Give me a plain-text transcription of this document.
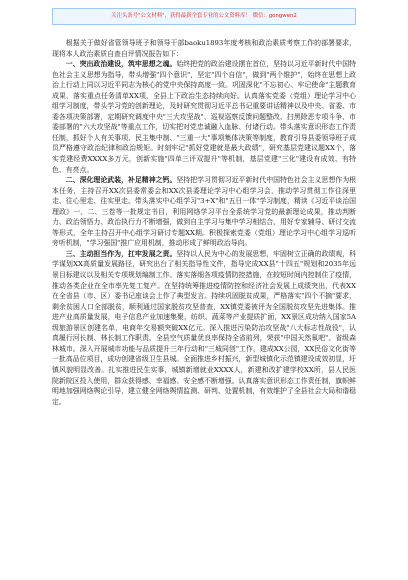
关注头条号"公文材料"，获得最新全套专业的公文资料库！ 微信：gongwen2

根据关于做好省管领导班子和领导干部baoku1893年度考核和政治素质考察工作的部署要求，现将本人政治素质自查自评情况报告如下：

一、突出政治建设，筑牢思想之魂。始终把党的政治建设摆在首位，坚持以习近平新时代中国特色社会主义思想为指导，带头增强"四个意识"，坚定"四个自信"，做到"两个维护"，始终在思想上政治上行动上同以习近平同志为核心的党中央保持高度一致。巩固深化"不忘初心、牢记使命"主题教育成果，落实重点任务清单XX项，全县上下政治生态持续向好。认真落实党委（党组）理论学习中心组学习制度，带头学习党的创新理论，及时研究贯彻习近平总书记重要讲话精神以及中央、省委、市委各项决策部署，定期研究调度中央"三大攻坚战"、巡视巡察反馈问题整改、扫黑除恶专项斗争、市委部署的"六大攻坚战"等重点工作，切实把对党忠诚融入血脉、付诸行动。带头落实意识形态工作责任制，抓好个人有关事项、民主集中制、"三重一大"事项集体决策等制度，教育引导县委领导班子成员严格遵守政治纪律和政治规矩。时刻牢记"抓好党建就是最大政绩"，研究基层党建议题XX个，落实党建经费XXXX多万元，创新实施"四单三评双提升"等机制，基层党建"三化"建设有成效、有特色、有亮点。

二、深化理论武装，补足精神之钙。坚持把学习贯彻习近平新时代中国特色社会主义思想作为根本任务，主持召开XX次县委常委会和XX次县委理论学习中心组学习会，推动学习贯彻工作往深里走、往心里走、往实里走。带头落实中心组学习"3+X"和"五日一体"学习制度，精读《习近平谈治国理政》一、二、三卷等一批规定书目，利用网络学习平台全系统学习党的最新理论成果，推动判断力、政治领悟力、政治执行力不断增强，做到自主学习与集中学习相结合，用好专家辅导、研讨交流等形式，全年主持召开中心组学习研讨专题XX期。积极探索党委（党组）理论学习中心组学习巡听旁听机制，"学习强国"推广应用机制，推动形成了鲜明政治导向。

三、主动担当作为，扛牢发展之责。坚持以人民为中心的发展思想，牢固树立正确的政绩观，科学谋划XX高质量发展路径，研究出台了相关指导性文件，指导完成XX县"十四五"规划和2035年远景目标建议以及相关专项规划编制工作。落实落细各项疫情防控措施，在较短时间内控制住了疫情，推动各类企业在全市率先复工复产。在坚持统筹推进疫情防控和经济社会发展上成绩突出，代表XX在全省县（市、区）委书记座谈会上作了典型发言。持续巩固脱贫成果，严格落实"四个不摘"要求，剩余贫困人口全部脱贫，顺利通过国家脱贫攻坚普查，XX镇党委被评为全国脱贫攻坚先进集体。推进产业高质量发展，电子信息产业加速集聚，纺织、蔬菜等产业提质扩面，XX景区成功纳入国家5A级旅游景区创建名单，电商年交易额突破XX亿元。深入推进污染防治攻坚战"八大标志性战役"，认真履行河长制、林长制工作职责，全县空气质量优良率保持全省前列，荣获"中国天然氧吧"、省级森林城市。深入开展城市功能与品质提升三年行动和"三城同创"工作，建成XX公园，XX民俗文化街等一批高品位项目，成功创建省级卫生县城。全面推进乡村振兴，新型城镇化示范镇建设成效初显，圩镇风貌明显改善。扎实推进民生实事，城镇新增就业XXXX人，新建和改扩建学校XX所，县人民医院新院区投入使用，群众获得感、幸福感、安全感不断增强。认真落实意识形态工作责任制，旗帜鲜明地加强网络舆论引导，建立健全网络舆情监测、研判、处置机制，有效维护了全县社会大局和谐稳定。
